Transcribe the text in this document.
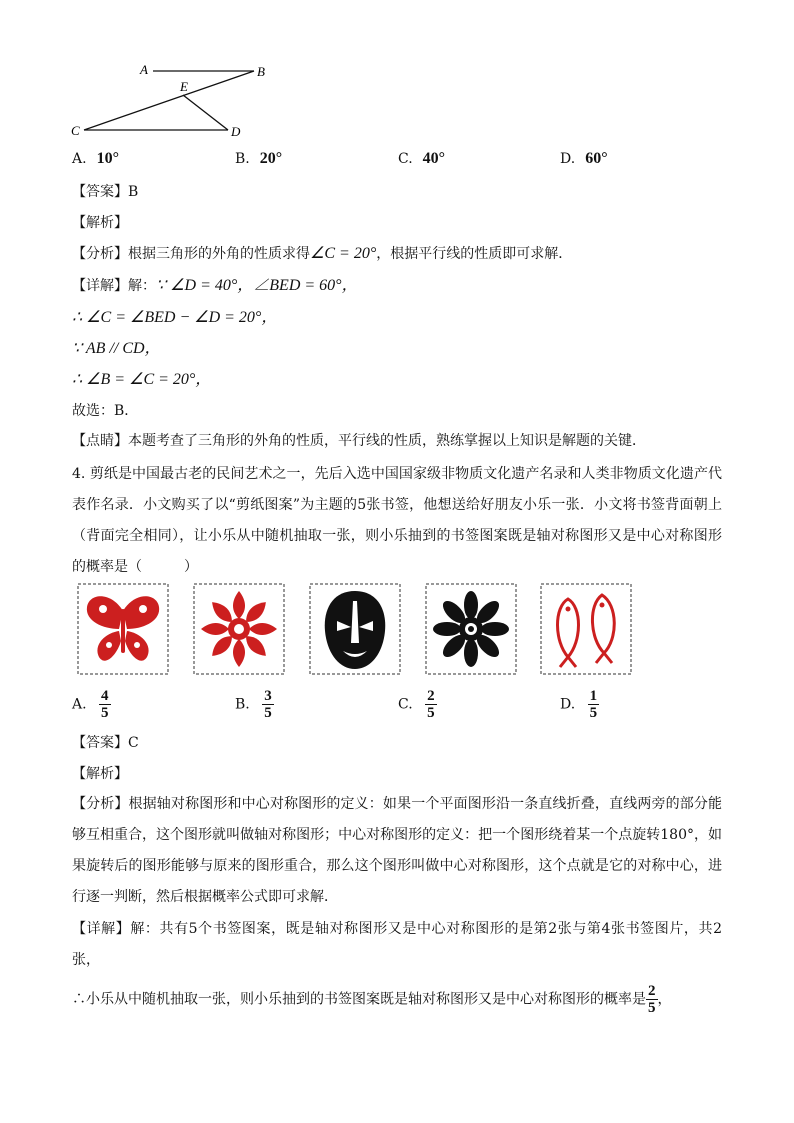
A	B
E
C	D
A. 10°	B. 20°	C. 40°	D. 60°
【答案】B
【解析】
【分析】根据三角形的外角的性质求得∠C = 20°，根据平行线的性质即可求解．
【详解】解：∵ ∠D = 40°，∠BED = 60°，
∴ ∠C = ∠BED − ∠D = 20°，
∵ AB // CD，
∴ ∠B = ∠C = 20°，
故选：B．
【点睛】本题考查了三角形的外角的性质，平行线的性质，熟练掌握以上知识是解题的关键．
4. 剪纸是中国最古老的民间艺术之一，先后入选中国国家级非物质文化遗产名录和人类非物质文化遗产代表作名录．小文购买了以“剪纸图案”为主题的5张书签，他想送给好朋友小乐一张．小文将书签背面朝上（背面完全相同），让小乐从中随机抽取一张，则小乐抽到的书签图案既是轴对称图形又是中心对称图形的概率是（　　　）
A. $\frac{4}{5}$	B. $\frac{3}{5}$	C. $\frac{2}{5}$	D. $\frac{1}{5}$
【答案】C
【解析】
【分析】根据轴对称图形和中心对称图形的定义：如果一个平面图形沿一条直线折叠，直线两旁的部分能够互相重合，这个图形就叫做轴对称图形；中心对称图形的定义：把一个图形绕着某一个点旋转180°，如果旋转后的图形能够与原来的图形重合，那么这个图形叫做中心对称图形，这个点就是它的对称中心，进行逐一判断，然后根据概率公式即可求解．
【详解】解：共有5个书签图案，既是轴对称图形又是中心对称图形的是第2张与第4张书签图片，共2张，
∴小乐从中随机抽取一张，则小乐抽到的书签图案既是轴对称图形又是中心对称图形的概率是 $\frac{2}{5}$ ，
